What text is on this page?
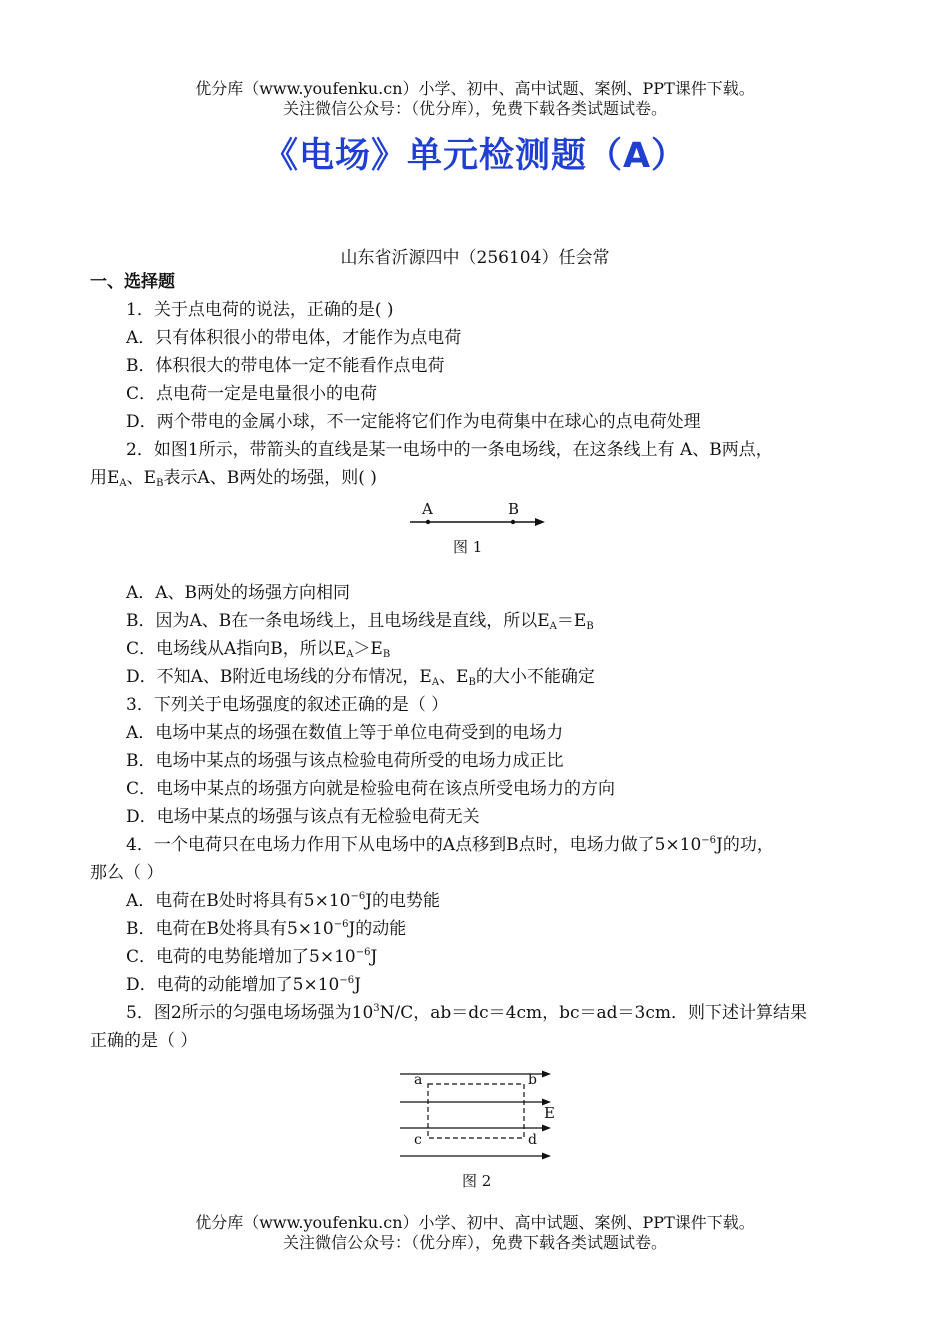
优分库（www.youfenku.cn）小学、初中、高中试题、案例、PPT课件下载。
关注微信公众号：（优分库），免费下载各类试题试卷。
《电场》单元检测题（A）
山东省沂源四中（256104）任会常
一、选择题
1．关于点电荷的说法，正确的是( )
A．只有体积很小的带电体，才能作为点电荷
B．体积很大的带电体一定不能看作点电荷
C．点电荷一定是电量很小的电荷
D．两个带电的金属小球，不一定能将它们作为电荷集中在球心的点电荷处理
2．如图1所示，带箭头的直线是某一电场中的一条电场线，在这条线上有 A、B两点，
用$E_A$、$E_B$表示A、B两处的场强，则( )
A	B
图 1
A．A、B两处的场强方向相同
B．因为A、B在一条电场线上，且电场线是直线，所以$E_A=E_B$
C．电场线从A指向B，所以$E_A>E_B$
D．不知A、B附近电场线的分布情况，$E_A$、$E_B$的大小不能确定
3．下列关于电场强度的叙述正确的是（ ）
A．电场中某点的场强在数值上等于单位电荷受到的电场力
B．电场中某点的场强与该点检验电荷所受的电场力成正比
C．电场中某点的场强方向就是检验电荷在该点所受电场力的方向
D．电场中某点的场强与该点有无检验电荷无关
4．一个电荷只在电场力作用下从电场中的A点移到B点时，电场力做了$5\times 10^{-6}J$的功，
那么（ ）
A．电荷在B处时将具有$5\times 10^{-6}J$的电势能
B．电荷在B处将具有$5\times 10^{-6}J$的动能
C．电荷的电势能增加了$5\times 10^{-6}J$
D．电荷的动能增加了$5\times 10^{-6}J$
5．图2所示的匀强电场场强为$10^3N/C$，ab＝dc＝4cm，bc＝ad＝3cm．则下述计算结果
正确的是（ ）
a	b
c	d
E
图 2
优分库（www.youfenku.cn）小学、初中、高中试题、案例、PPT课件下载。
关注微信公众号：（优分库），免费下载各类试题试卷。
